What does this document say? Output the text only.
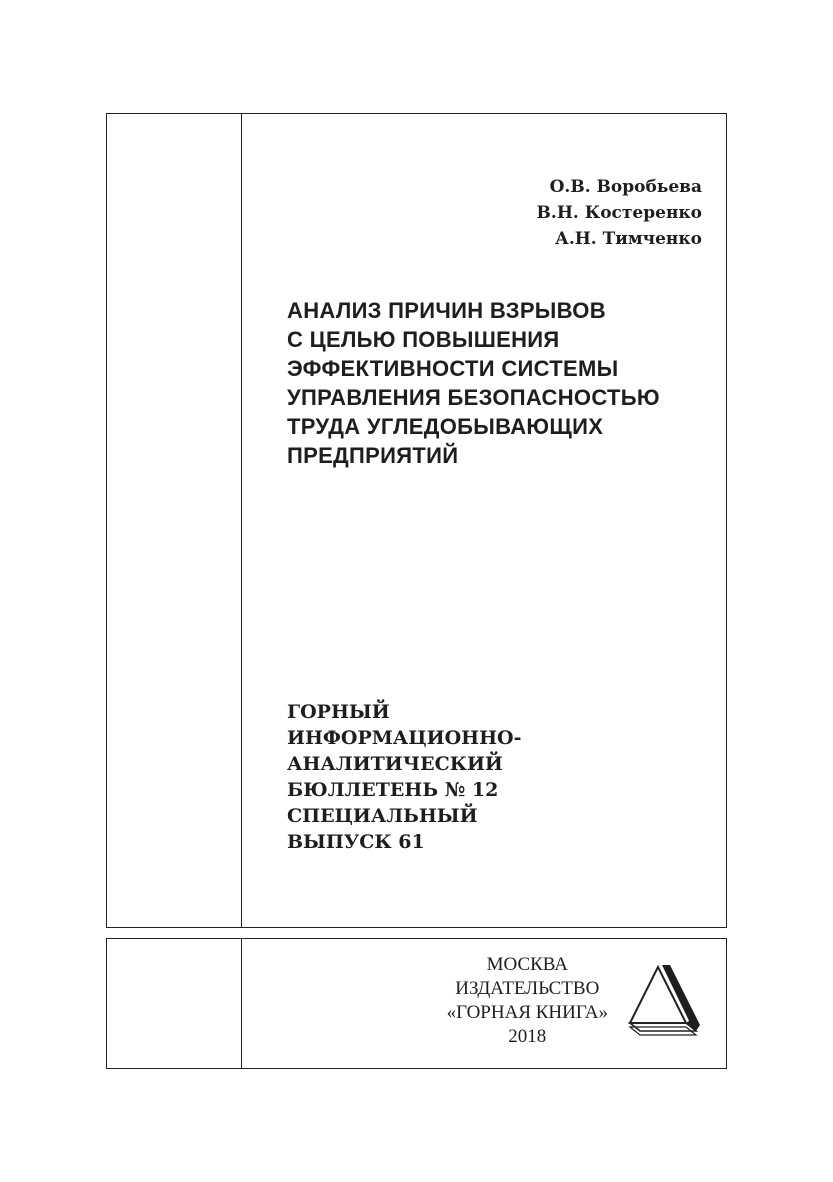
О.В. Воробьева
В.Н. Костеренко
А.Н. Тимченко
АНАЛИЗ ПРИЧИН ВЗРЫВОВ
С ЦЕЛЬЮ ПОВЫШЕНИЯ
ЭФФЕКТИВНОСТИ СИСТЕМЫ
УПРАВЛЕНИЯ БЕЗОПАСНОСТЬЮ
ТРУДА УГЛЕДОБЫВАЮЩИХ
ПРЕДПРИЯТИЙ
ГОРНЫЙ
ИНФОРМАЦИОННО-
АНАЛИТИЧЕСКИЙ
БЮЛЛЕТЕНЬ № 12
СПЕЦИАЛЬНЫЙ
ВЫПУСК 61
МОСКВА
ИЗДАТЕЛЬСТВО
«ГОРНАЯ КНИГА»
2018
